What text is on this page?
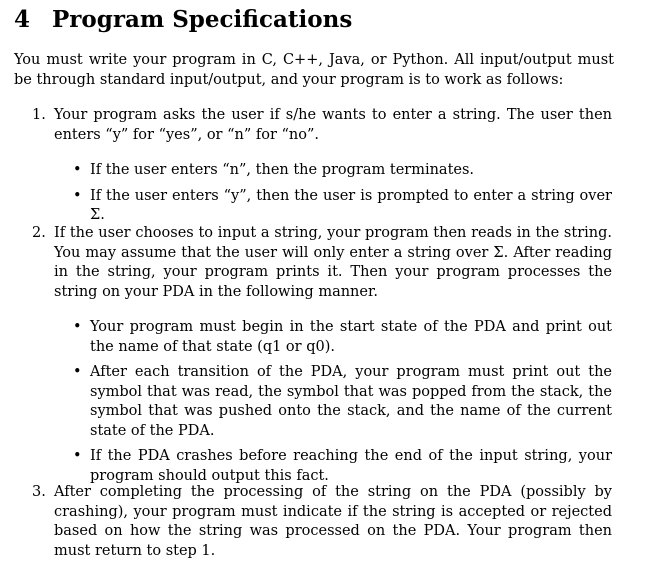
4 Program Specifications

You must write your program in C, C++, Java, or Python. All input/output must be through standard input/output, and your program is to work as follows:

1. Your program asks the user if s/he wants to enter a string. The user then enters “y” for “yes”, or “n” for “no”.
• If the user enters “n”, then the program terminates.
• If the user enters “y”, then the user is prompted to enter a string over Σ.
2. If the user chooses to input a string, your program then reads in the string. You may assume that the user will only enter a string over Σ. After reading in the string, your program prints it. Then your program processes the string on your PDA in the following manner.
• Your program must begin in the start state of the PDA and print out the name of that state (q1 or q0).
• After each transition of the PDA, your program must print out the symbol that was read, the symbol that was popped from the stack, the symbol that was pushed onto the stack, and the name of the current state of the PDA.
• If the PDA crashes before reaching the end of the input string, your program should output this fact.
3. After completing the processing of the string on the PDA (possibly by crashing), your program must indicate if the string is accepted or rejected based on how the string was processed on the PDA. Your program then must return to step 1.
